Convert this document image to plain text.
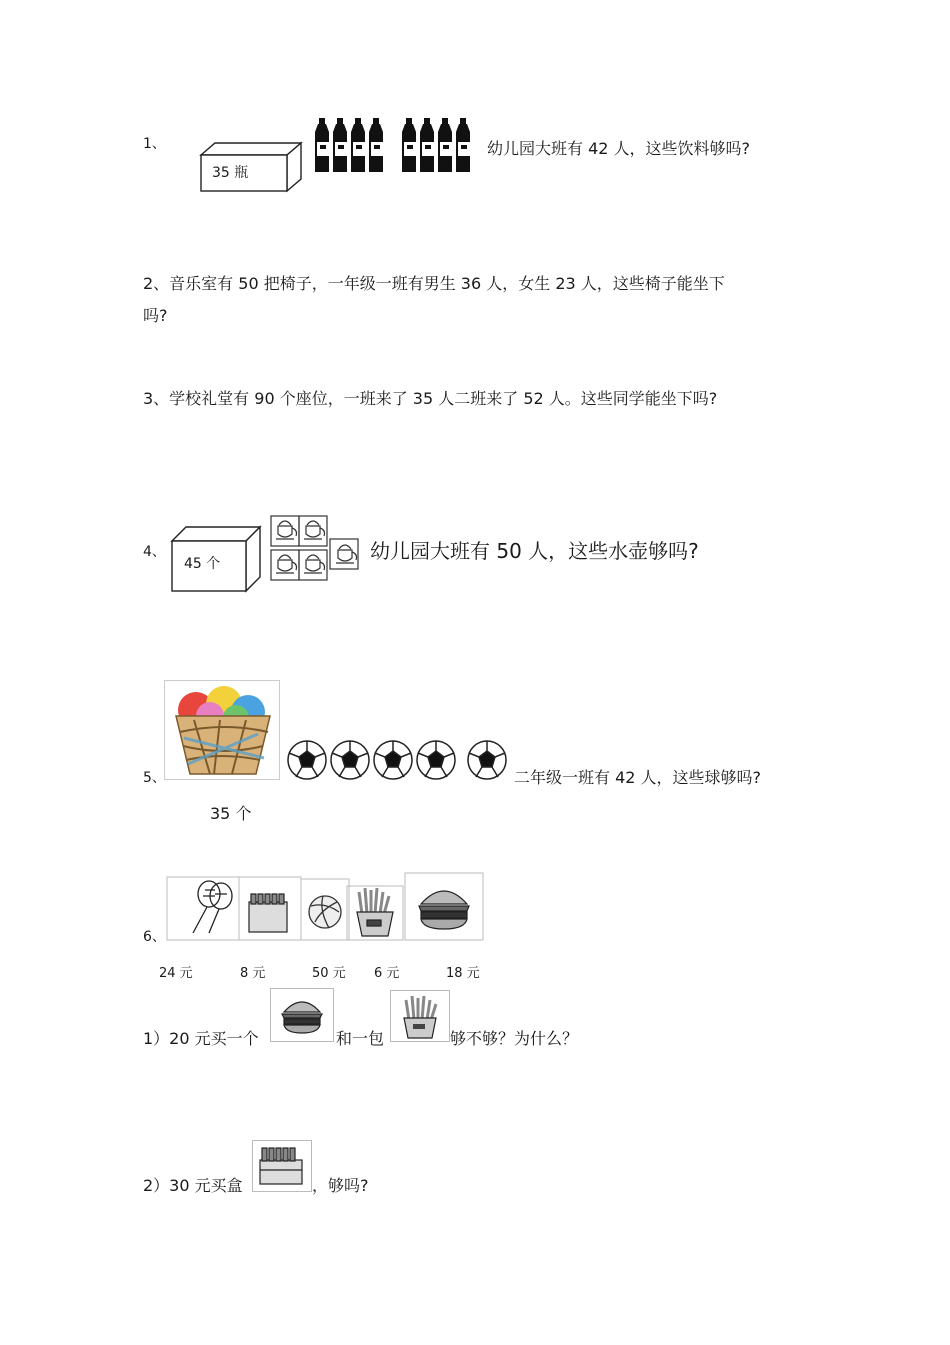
1、
35 瓶
幼儿园大班有 42 人，这些饮料够吗?
2、音乐室有 50 把椅子，一年级一班有男生 36 人，女生 23 人，这些椅子能坐下
吗?
3、学校礼堂有 90 个座位，一班来了 35 人二班来了 52 人。这些同学能坐下吗?
4、
45 个
幼儿园大班有 50 人，这些水壶够吗?
5、	二年级一班有 42 人，这些球够吗?
35 个
6、
24 元	8 元	50 元 6 元	18 元
1）20 元买一个	和一包	够不够？为什么？
2）30 元买盒	，够吗?
